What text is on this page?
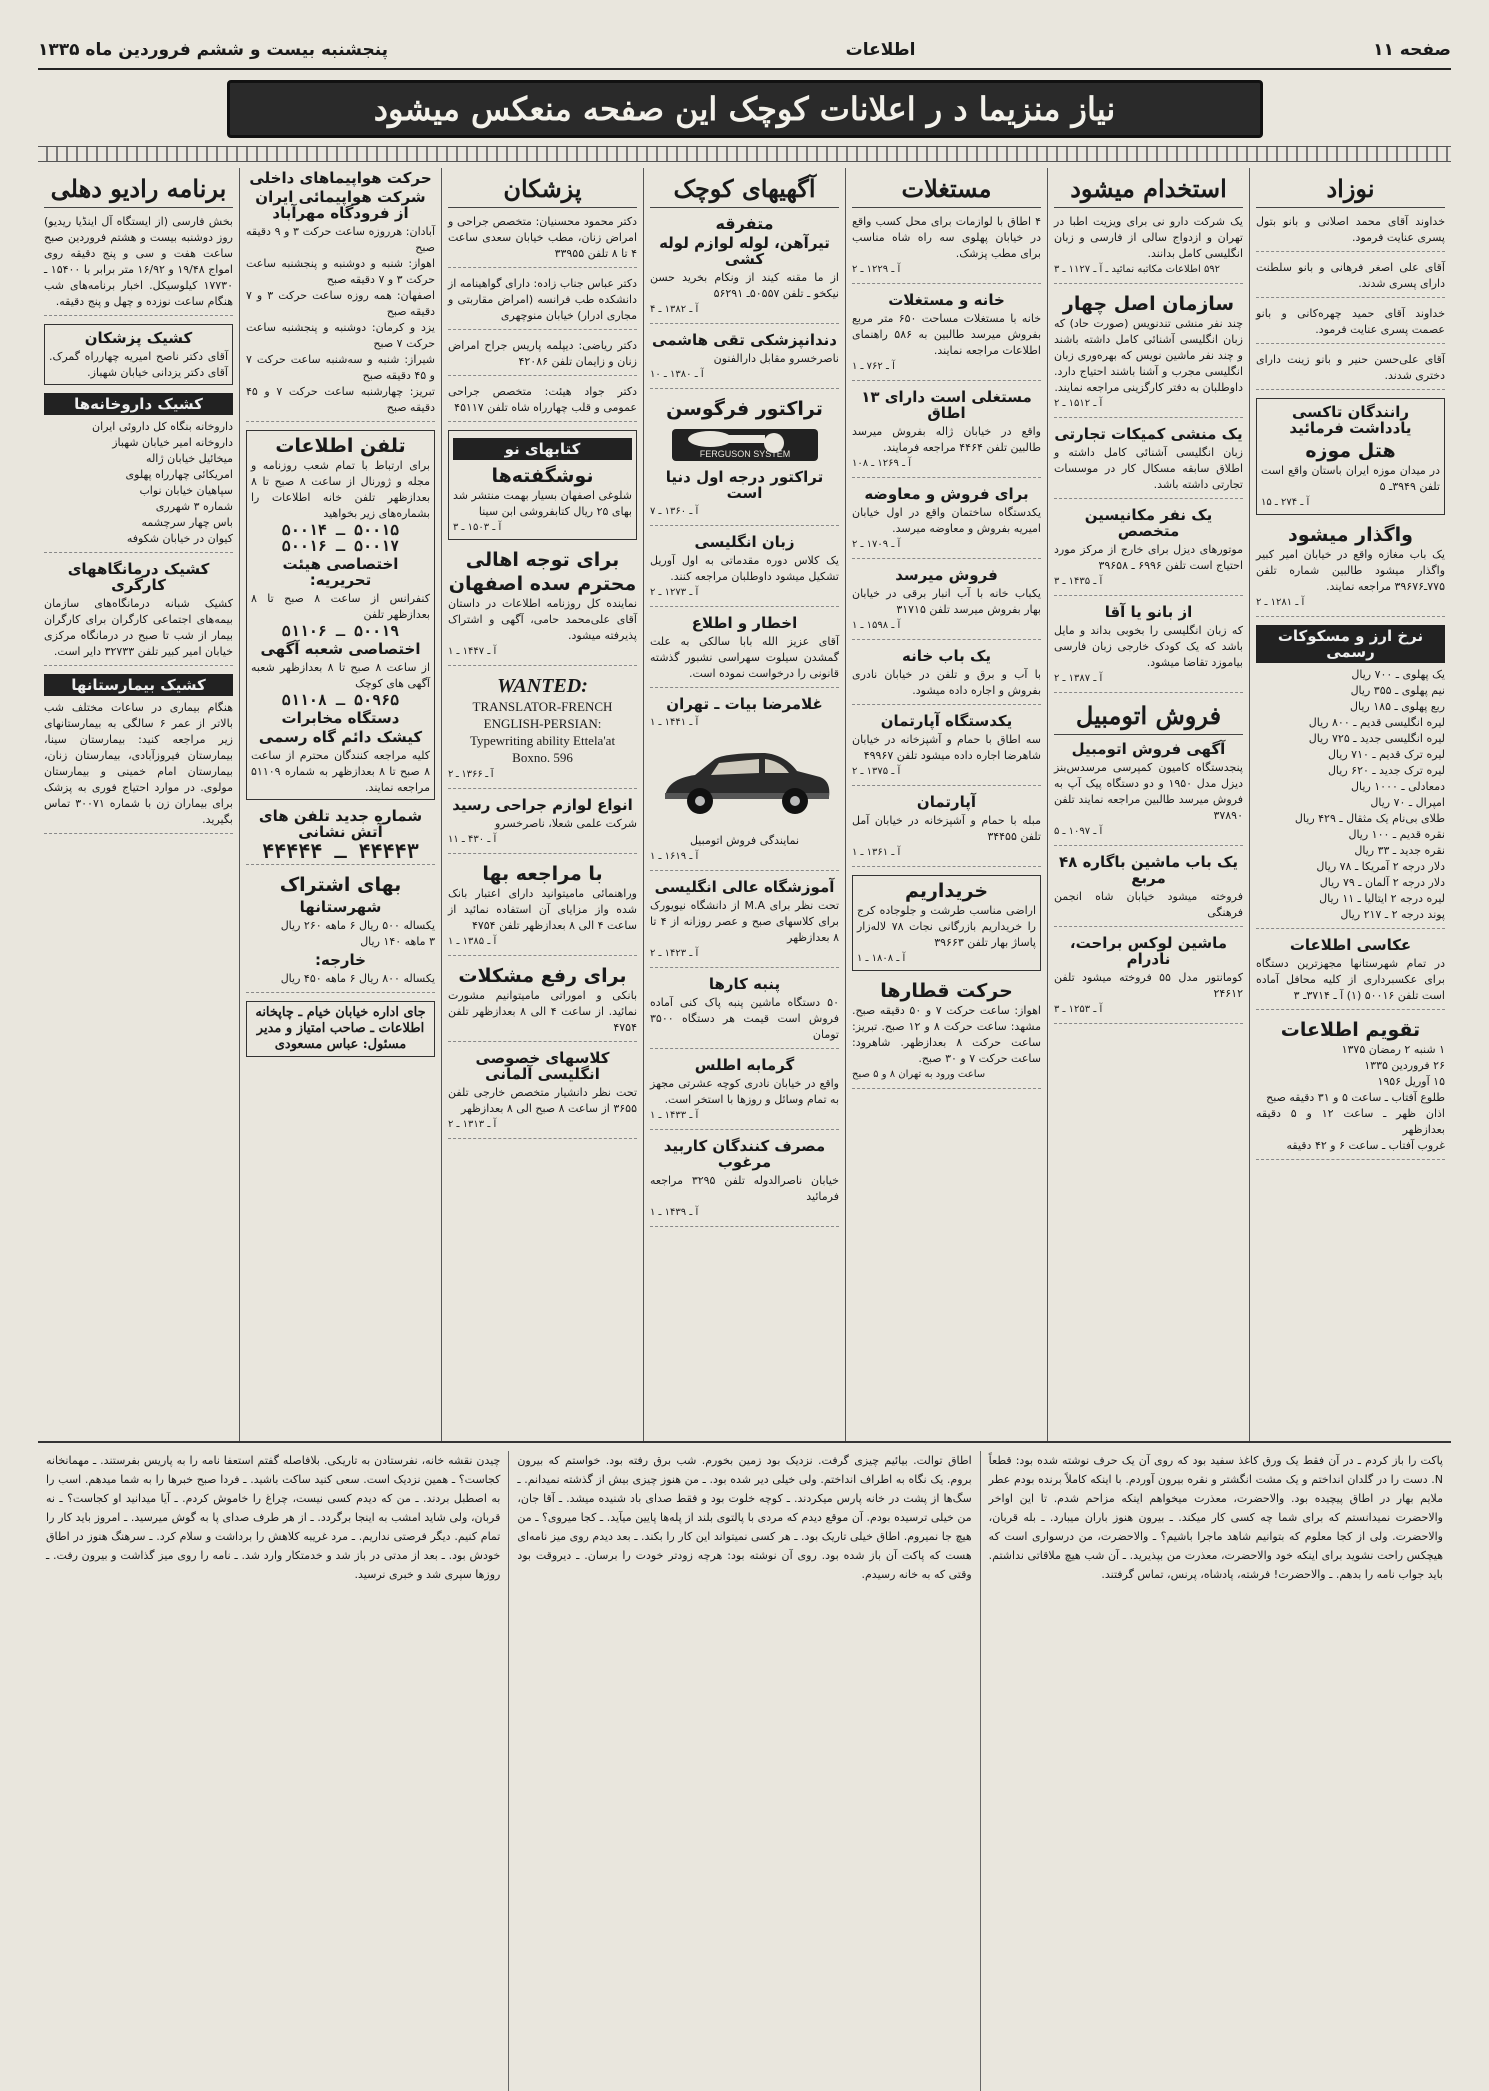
صفحه ۱۱
اطلاعات
پنجشنبه بیست و ششم فروردین ماه ۱۳۳۵
نیاز منزیما د ر اعلانات کوچک این صفحه منعکس میشود
نوزاد
خداوند آقای محمد اصلانی و بانو بتول پسری عنایت فرمود.
آقای علی اصغر فرهانی و بانو سلطنت دارای پسری شدند.
خداوند آقای حمید چهره‌کانی و بانو عصمت پسری عنایت فرمود.
آقای علی‌حسن حنیر و بانو زینت دارای دختری شدند.
رانندگان تاکسی یادداشت فرمائید
هتل موزه
در میدان موزه ایران باستان واقع است تلفن ۳۹۴۹ـ ۵
آ ـ ۲۷۴ ـ ۱۵
واگذار میشود
یک باب مغازه واقع در خیابان امیر کبیر واگذار میشود طالبین شماره تلفن ۷۷۵ـ۳۹۶۷۶ مراجعه نمایند.
آ ـ ۱۲۸۱ ـ ۲
نرخ ارز و مسکوکات رسمی
یک پهلوی ـ ۷۰۰ ریال
نیم پهلوی ـ ۳۵۵ ریال
ربع پهلوی ـ ۱۸۵ ریال
لیره انگلیسی قدیم ـ ۸۰۰ ریال
لیره انگلیسی جدید ـ ۷۲۵ ریال
لیره ترک قدیم ـ ۷۱۰ ریال
لیره ترک جدید ـ ۶۲۰ ریال
دمعادلی ـ ۱۰۰۰ ریال
امپرال ـ ۷۰ ریال
طلای بی‌نام یک مثقال ـ ۴۲۹ ریال
نقره قدیم ـ ۱۰۰ ریال
نقره جدید ـ ۳۳ ریال
دلار درجه ۲ آمریکا ـ ۷۸ ریال
دلار درجه ۲ آلمان ـ ۷۹ ریال
لیره درجه ۲ ایتالیا ـ ۱۱ ریال
پوند درجه ۲ ـ ۲۱۷ ریال
عکاسی اطلاعات
در تمام شهرستانها مجهزترین دستگاه برای عکسبرداری از کلیه محافل آماده است تلفن ۵۰۰۱۶ (۱) آ ـ ۳۷۱۴ـ ۳
تقویم اطلاعات
۱ شنبه ۲ رمضان ۱۳۷۵
۲۶ فروردین ۱۳۳۵
۱۵ آوریل ۱۹۵۶
طلوع آفتاب ـ ساعت ۵ و ۳۱ دقیقه صبح
اذان ظهر ـ ساعت ۱۲ و ۵ دقیقه بعدازظهر
غروب آفتاب ـ ساعت ۶ و ۴۲ دقیقه
استخدام میشود
یک شرکت دارو نی برای ویزیت اطبا در تهران و ازدواج سالی از فارسی و زبان انگلیسی کامل بدانند.
۵۹۲ اطلاعات مکاتبه نمائید ـ آ ـ ۱۱۲۷ ـ ۳
سازمان اصل چهار
چند نفر منشی تندنویس (صورت حاد) که زبان انگلیسی آشنائی کامل داشته باشند و چند نفر ماشین نویس که بهره‌وری زبان انگلیسی مجرب و آشنا باشند احتیاج دارد. داوطلبان به دفتر کارگزینی مراجعه نمایند.
آ ـ ۱۵۱۲ ـ ۲
یک منشی کمیکات تجارتی
زبان انگلیسی آشنائی کامل داشته و اطلاق سابقه مسکال کار در موسسات تجارتی داشته باشد.
یک نفر مکانیسین متخصص
موتورهای دیزل برای خارج از مرکز مورد احتیاج است تلفن ۶۹۹۶ ـ ۳۹۶۵۸
آ ـ ۱۴۳۵ ـ ۳
از بانو یا آقا
که زبان انگلیسی را بخوبی بداند و مایل باشد که یک کودک خارجی زبان فارسی بیاموزد تقاضا میشود.
آ ـ ۱۳۸۷ ـ ۲
فروش اتومبیل
آگهی فروش اتومبیل
پنجدستگاه کامیون کمپرسی مرسدس‌بنز دیزل مدل ۱۹۵۰ و دو دستگاه پیک آپ به فروش میرسد طالبین مراجعه نمایند تلفن ۳۷۸۹۰
آ ـ ۱۰۹۷ ـ ۵
یک باب ماشین باگاره ۴۸ مربع
فروخته میشود خیابان شاه انجمن فرهنگی
ماشین لوکس براحت، نادرام
کومانتور مدل ۵۵ فروخته میشود تلفن ۲۴۶۱۲
آ ـ ۱۲۵۳ ـ ۳
مستغلات
۴ اطاق با لوازمات برای محل کسب واقع در خیابان پهلوی سه راه شاه مناسب برای مطب پزشک.
آ ـ ۱۲۲۹ ـ ۲
خانه و مستغلات
خانه با مستغلات مساحت ۶۵۰ متر مربع بفروش میرسد طالبین به ۵۸۶ راهنمای اطلاعات مراجعه نمایند.
آ ـ ۷۶۲ ـ ۱
مستغلی است دارای ۱۳ اطاق
واقع در خیابان ژاله بفروش میرسد طالبین تلفن ۴۴۶۴ مراجعه فرمایند.
آ ـ ۱۲۶۹ ـ ۱۰۸
برای فروش و معاوضه
یکدستگاه ساختمان واقع در اول خیابان امیریه بفروش و معاوضه میرسد.
آ ـ ۱۷۰۹ ـ ۲
فروش میرسد
یکباب خانه با آب انبار برقی در خیابان بهار بفروش میرسد تلفن ۳۱۷۱۵
آ ـ ۱۵۹۸ ـ ۱
یک باب خانه
با آب و برق و تلفن در خیابان نادری بفروش و اجاره داده میشود.
یکدستگاه آپارتمان
سه اطاق با حمام و آشپزخانه در خیابان شاهرضا اجاره داده میشود تلفن ۴۹۹۶۷
آ ـ ۱۳۷۵ ـ ۲
آپارتمان
مبله با حمام و آشپزخانه در خیابان آمل تلفن ۳۴۴۵۵
آ ـ ۱۳۶۱ ـ ۱
خریداریم
اراضی مناسب طرشت و جلوجاده کرج را خریداریم بازرگانی نجات ۷۸ لاله‌زار پاساژ بهار تلفن ۳۹۶۶۳
آ ـ ۱۸۰۸ ـ ۱
حرکت قطارها
اهواز: ساعت حرکت ۷ و ۵۰ دقیقه صبح. مشهد: ساعت حرکت ۸ و ۱۲ صبح. تبریز: ساعت حرکت ۸ بعدازظهر. شاهرود: ساعت حرکت ۷ و ۳۰ صبح.
ساعت ورود به تهران ۸ و ۵ صبح
آگهیهای کوچک
متفرقه
تیرآهن، لوله لوازم لوله کشی
از ما مقنه کیند از ونکام بخرید حسن نیکخو ـ تلفن ۵۰۵۵۷ـ ۵۶۲۹۱
آ ـ ۱۳۸۲ ـ ۴
دندانپزشکی تقی هاشمی
ناصرخسرو مقابل دارالفنون
آ ـ ۱۳۸۰ ـ ۱۰
تراکتور فرگوسن
FERGUSON SYSTEM
تراکتور درجه اول دنیا است
آ ـ ۱۳۶۰ ـ ۷
زبان انگلیسی
یک کلاس دوره مقدماتی به اول آوریل تشکیل میشود داوطلبان مراجعه کنند.
آ ـ ۱۲۷۳ ـ ۲
اخطار و اطلاع
آقای عزیز الله بابا سالکی به علت گمشدن سیلوت سهراسی نشبور گذشته قانونی را درخواست نموده است.
غلامرضا بیات ـ تهران
آ ـ ۱۴۴۱ ـ ۱
نمایندگی فروش اتومبیل
آ ـ ۱۶۱۹ ـ ۱
آموزشگاه عالی انگلیسی
تحت نظر برای M.A از دانشگاه نیویورک برای کلاسهای صبح و عصر روزانه از ۴ تا ۸ بعدازظهر
آ ـ ۱۴۲۳ ـ ۲
پنبه کارها
۵۰ دستگاه ماشین پنبه پاک کنی آماده فروش است قیمت هر دستگاه ۳۵۰۰ تومان
گرمابه اطلس
واقع در خیابان نادری کوچه عشرتی مجهز به تمام وسائل و روزها با استخر است.
آ ـ ۱۴۳۳ ـ ۱
مصرف کنندگان کاربید مرغوب
خیابان ناصرالدوله تلفن ۳۲۹۵ مراجعه فرمائید
آ ـ ۱۴۳۹ ـ ۱
پزشکان
دکتر محمود محسنیان: متخصص جراحی و امراض زنان، مطب خیابان سعدی ساعت ۴ تا ۸ تلفن ۳۳۹۵۵
دکتر عباس جناب زاده: دارای گواهینامه از دانشکده طب فرانسه (امراض مقاربتی و مجاری ادرار) خیابان منوچهری
دکتر ریاضی: دیپلمه پاریس جراح امراض زنان و زایمان تلفن ۴۲۰۸۶
دکتر جواد هیئت: متخصص جراحی عمومی و قلب چهارراه شاه تلفن ۴۵۱۱۷
کتابهای نو
نوشگفته‌ها
شلوغی اصفهان بسیار بهمت منتشر شد بهای ۲۵ ریال کتابفروشی ابن سینا
آ ـ ۱۵۰۳ ـ ۳
برای توجه اهالی محترم سده اصفهان
نماینده کل روزنامه اطلاعات در داستان آقای علی‌محمد حامی، آگهی و اشتراک پذیرفته میشود.
آ ـ ۱۴۴۷ ـ ۱
WANTED:
TRANSLATOR-FRENCH
ENGLISH-PERSIAN:
Typewriting ability Ettela'at
Boxno. 596
آ ـ ۱۳۶۶ ـ ۲
انواع لوازم جراحی رسید
شرکت علمی شعلا، ناصرخسرو
آ ـ ۴۳۰ ـ ۱۱
با مراجعه بها
وراهنمائی مامیتوانید دارای اعتبار بانک شده واز مزایای آن استفاده نمائید از ساعت ۴ الی ۸ بعدازظهر تلفن ۴۷۵۴
آ ـ ۱۳۸۵ ـ ۱
برای رفع مشکلات
بانکی و اموراتی مامیتوانیم مشورت نمائید. از ساعت ۴ الی ۸ بعدازظهر تلفن ۴۷۵۴
کلاسهای خصوصی انگلیسی آلمانی
تحت نظر دانشیار متخصص خارجی تلفن ۳۶۵۵ از ساعت ۸ صبح الی ۸ بعدازظهر
آ ـ ۱۳۱۳ ـ ۲
حرکت هواپیماهای داخلی
شرکت هواپیمائی ایران از فرودگاه مهرآباد
آبادان: هرروزه ساعت حرکت ۳ و ۹ دقیقه صبح
اهواز: شنبه و دوشنبه و پنجشنبه ساعت حرکت ۳ و ۷ دقیقه صبح
اصفهان: همه روزه ساعت حرکت ۳ و ۷ دقیقه صبح
یزد و کرمان: دوشنبه و پنجشنبه ساعت حرکت ۷ صبح
شیراز: شنبه و سه‌شنبه ساعت حرکت ۷ و ۴۵ دقیقه صبح
تبریز: چهارشنبه ساعت حرکت ۷ و ۴۵ دقیقه صبح
تلفن اطلاعات
برای ارتباط با تمام شعب روزنامه و مجله و ژورنال از ساعت ۸ صبح تا ۸ بعدازظهر تلفن خانه اطلاعات را بشماره‌های زیر بخواهید
۵۰۰۱۵ ـ ۵۰۰۱۴
۵۰۰۱۷ ـ ۵۰۰۱۶
اختصاصی هیئت تحریریه:
کنفرانس از ساعت ۸ صبح تا ۸ بعدازظهر تلفن
۵۰۰۱۹ ـ ۵۱۱۰۶
اختصاصی شعبه آگهی
از ساعت ۸ صبح تا ۸ بعدازظهر شعبه آگهی های کوچک
۵۰۹۶۵ ـ ۵۱۱۰۸
دستگاه مخابرات
کیشک دائم گاه رسمی
کلیه مراجعه کنندگان محترم از ساعت ۸ صبح تا ۸ بعدازظهر به شماره ۵۱۱۰۹ مراجعه نمایند.
شماره جدید تلفن های آتش نشانی
۴۴۴۴۳ ـ ۴۴۴۴۴
بهای اشتراک
شهرستانها
یکساله ۵۰۰ ریال ۶ ماهه ۲۶۰ ریال
۳ ماهه ۱۴۰ ریال
خارجه:
یکساله ۸۰۰ ریال ۶ ماهه ۴۵۰ ریال
جای اداره خیابان خیام ـ چاپخانه اطلاعات ـ صاحب امتیاز و مدیر مسئول: عباس مسعودی
برنامه رادیو دهلی
بخش فارسی (از ایستگاه آل اینڈیا ریدیو) روز دوشنبه بیست و هشتم فروردین صبح ساعت هفت و سی و پنج دقیقه روی امواج ۱۹/۴۸ و ۱۶/۹۲ متر برابر با ۱۵۴۰۰ ـ ۱۷۷۳۰ کیلوسیکل. اخبار برنامه‌های شب هنگام ساعت نوزده و چهل و پنج دقیقه.
کشیک پزشکان
آقای دکتر ناصح امیریه چهارراه گمرک. آقای دکتر یزدانی خیابان شهباز.
کشیک داروخانه‌ها
داروخانه بنگاه کل داروئی ایران
داروخانه امیر خیابان شهباز
میخائیل خیابان ژاله
امریکائی چهارراه پهلوی
سپاهیان خیابان نواب
شماره ۳ شهرری
باس چهار سرچشمه
کیوان در خیابان شکوفه
کشیک درمانگاههای کارگری
کشیک شبانه درمانگاه‌های سازمان بیمه‌های اجتماعی کارگران برای کارگران بیمار از شب تا صبح در درمانگاه مرکزی خیابان امیر کبیر تلفن ۳۲۷۳۳ دایر است.
کشیک بیمارستانها
هنگام بیماری در ساعات مختلف شب بالاتر از عمر ۶ سالگی به بیمارستانهای زیر مراجعه کنید: بیمارستان سینا، بیمارستان فیروزآبادی، بیمارستان زنان، بیمارستان امام خمینی و بیمارستان مولوی. در موارد احتیاج فوری به پزشک برای بیماران زن با شماره ۳۰۰۷۱ تماس بگیرید.

پاکت را باز کردم ـ در آن فقط یک ورق کاغذ سفید بود که روی آن یک حرف نوشته شده بود: قطعاً N. دست را در گلدان انداختم و یک مشت انگشتر و نقره بیرون آوردم. با اینکه کاملاً برنده بودم عطر ملایم بهار در اطاق پیچیده بود. والاحضرت، معذرت میخواهم اینکه مزاحم شدم. تا این اواخر والاحضرت نمیدانستم که برای شما چه کسی کار میکند. ـ بیرون هنوز باران میبارد. ـ بله قربان، والاحضرت. ولی از کجا معلوم که بتوانیم شاهد ماجرا باشیم؟ ـ والاحضرت، من درسواری است که هیچکس راحت نشوید برای اینکه خود والاحضرت، معذرت من بپذیرید. ـ آن شب هیچ ملاقاتی نداشتم. باید جواب نامه را بدهم. ـ والاحضرت! فرشته، پادشاه، پرنس، تماس گرفتند.

اطاق توالت. بیائیم چیزی گرفت. نزدیک بود زمین بخورم. شب برق رفته بود. خواستم که بیرون بروم. یک نگاه به اطراف انداختم. ولی خیلی دیر شده بود. ـ من هنوز چیزی بیش از گذشته نمیدانم. ـ سگ‌ها از پشت در خانه پارس میکردند. ـ کوچه خلوت بود و فقط صدای باد شنیده میشد. ـ آقا جان، من خیلی ترسیده بودم. آن موقع دیدم که مردی با پالتوی بلند از پله‌ها پایین میآید. ـ کجا میروی؟ ـ من هیچ جا نمیروم. اطاق خیلی تاریک بود. ـ هر کسی نمیتواند این کار را بکند. ـ بعد دیدم روی میز نامه‌ای هست که پاکت آن باز شده بود. روی آن نوشته بود: هرچه زودتر خودت را برسان. ـ دیروقت بود وقتی که به خانه رسیدم.

چیدن نقشه خانه، نفرستادن به تاریکی. بلافاصله گفتم استعفا نامه را به پاریس بفرستند. ـ مهمانخانه کجاست؟ ـ همین نزدیک است. سعی کنید ساکت باشید. ـ فردا صبح خبرها را به شما میدهم. اسب را به اصطبل بردند. ـ من که دیدم کسی نیست، چراغ را خاموش کردم. ـ آیا میدانید او کجاست؟ ـ نه قربان، ولی شاید امشب به اینجا برگردد. ـ از هر طرف صدای پا به گوش میرسید. ـ امروز باید کار را تمام کنیم. دیگر فرصتی نداریم. ـ مرد غریبه کلاهش را برداشت و سلام کرد. ـ سرهنگ هنوز در اطاق خودش بود. ـ بعد از مدتی در باز شد و خدمتکار وارد شد. ـ نامه را روی میز گذاشت و بیرون رفت. ـ روزها سپری شد و خبری نرسید.
